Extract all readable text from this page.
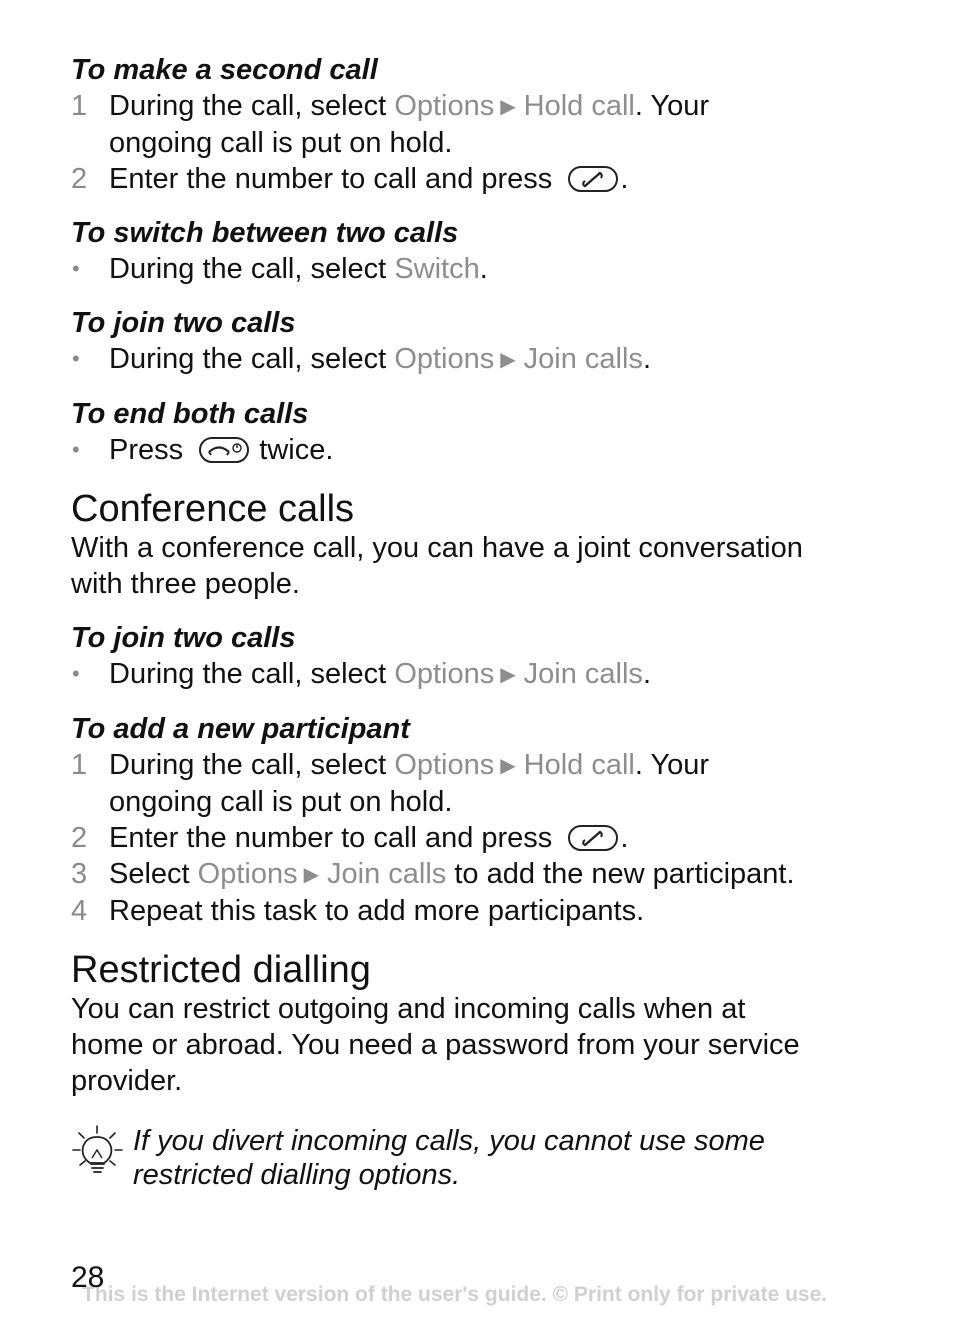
To make a second call

1 During the call, select Options ▶ Hold call. Your
ongoing call is put on hold.
2 Enter the number to call and press .

To switch between two calls

• During the call, select Switch.

To join two calls

• During the call, select Options ▶ Join calls.

To end both calls

• Press
twice.
Conference calls

With a conference call, you can have a joint conversation

with three people.

To join two calls

• During the call, select Options ▶ Join calls.

To add a new participant

1 During the call, select Options ▶ Hold call. Your
ongoing call is put on hold.
2 Enter the number to call and press .
3 Select Options ▶ Join calls to add the new participant.
4 Repeat this task to add more participants.
Restricted dialling

You can restrict outgoing and incoming calls when at

home or abroad. You need a password from your service

provider.

If you divert incoming calls, you cannot use some
restricted dialling options.
This is the Internet version of the user's guide. © Print only for private use.
28
